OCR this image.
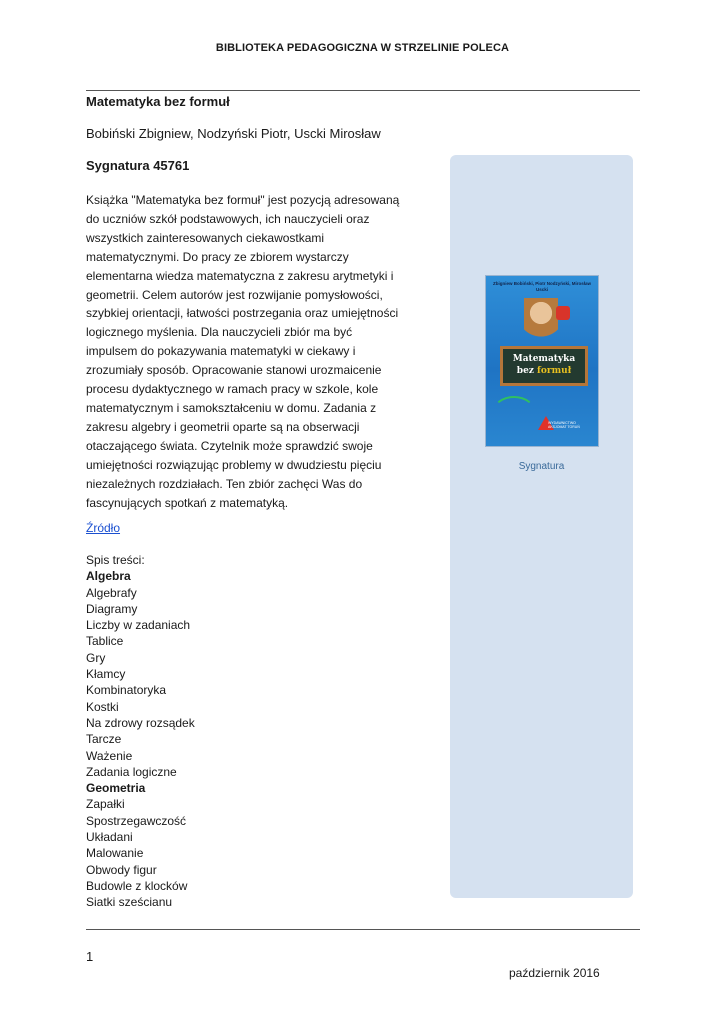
BIBLIOTEKA PEDAGOGICZNA W STRZELINIE POLECA
Matematyka bez formuł
Bobiński Zbigniew, Nodzyński Piotr, Uscki Mirosław
Sygnatura 45761
Książka "Matematyka bez formuł" jest pozycją adresowaną do uczniów szkół podstawowych, ich nauczycieli oraz wszystkich zainteresowanych ciekawostkami matematycznymi. Do pracy ze zbiorem wystarczy elementarna wiedza matematyczna z zakresu arytmetyki i geometrii. Celem autorów jest rozwijanie pomysłowości, szybkiej orientacji, łatwości postrzegania oraz umiejętności logicznego myślenia. Dla nauczycieli zbiór ma być impulsem do pokazywania matematyki w ciekawy i zrozumiały sposób. Opracowanie stanowi urozmaicenie procesu dydaktycznego w ramach pracy w szkole, kole matematycznym i samokształceniu w domu. Zadania z zakresu algebry i geometrii oparte są na obserwacji otaczającego świata. Czytelnik może sprawdzić swoje umiejętności rozwiązując problemy w dwudziestu pięciu niezależnych rozdziałach. Ten zbiór zachęci Was do fascynujących spotkań z matematyką.
Źródło
Spis treści:
Algebra
Algebrafy
Diagramy
Liczby w zadaniach
Tablice
Gry
Kłamcy
Kombinatoryka
Kostki
Na zdrowy rozsądek
Tarcze
Ważenie
Zadania logiczne
Geometria
Zapałki
Spostrzegawczość
Układani
Malowanie
Obwody figur
Budowle z klocków
Siatki sześcianu
Zbigniew Bobiński, Piotr Nodzyński, Mirosław Uscki
Matematyka
bez formuł
WYDAWNICTWO AKSJOMAT TORUŃ
Sygnatura
1
październik 2016
